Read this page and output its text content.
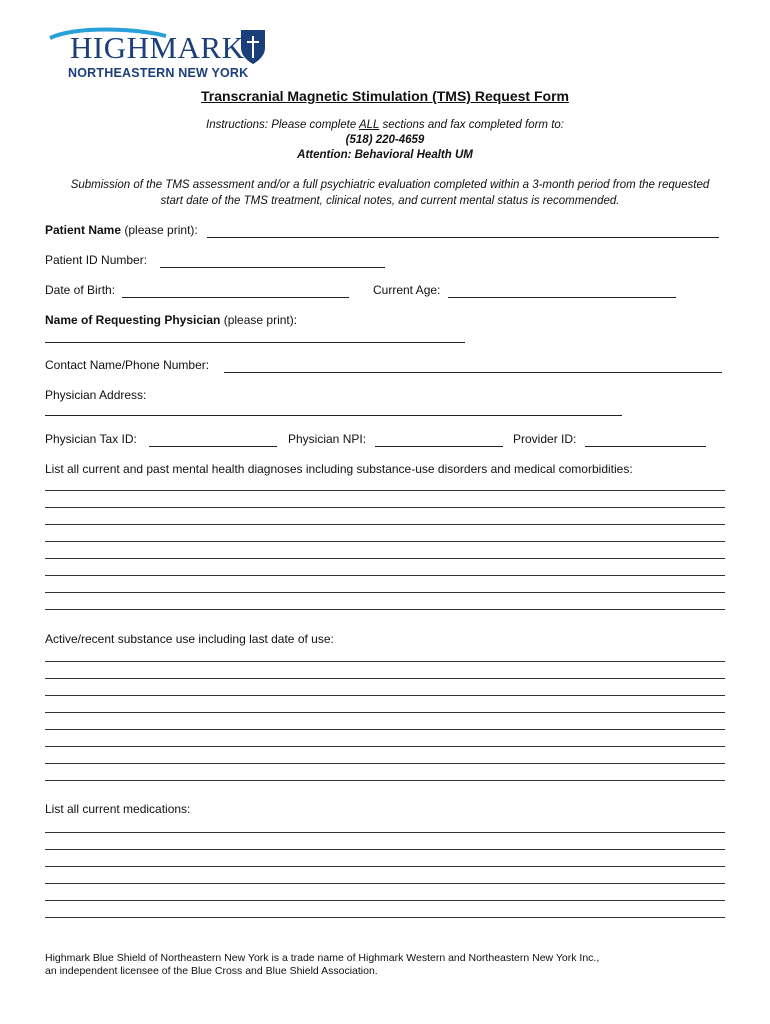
HIGHMARK.
NORTHEASTERN NEW YORK
Transcranial Magnetic Stimulation (TMS) Request Form
Instructions: Please complete ALL sections and fax completed form to:
(518) 220-4659
Attention: Behavioral Health UM
Submission of the TMS assessment and/or a full psychiatric evaluation completed within a 3-month period from the requested start date of the TMS treatment, clinical notes, and current mental status is recommended.
Patient Name (please print):
Patient ID Number:
Date of Birth:	Current Age:
Name of Requesting Physician (please print):
Contact Name/Phone Number:
Physician Address:
Physician Tax ID:	Physician NPI:	Provider ID:
List all current and past mental health diagnoses including substance-use disorders and medical comorbidities:
Active/recent substance use including last date of use:
List all current medications:
Highmark Blue Shield of Northeastern New York is a trade name of Highmark Western and Northeastern New York Inc.,
an independent licensee of the Blue Cross and Blue Shield Association.
